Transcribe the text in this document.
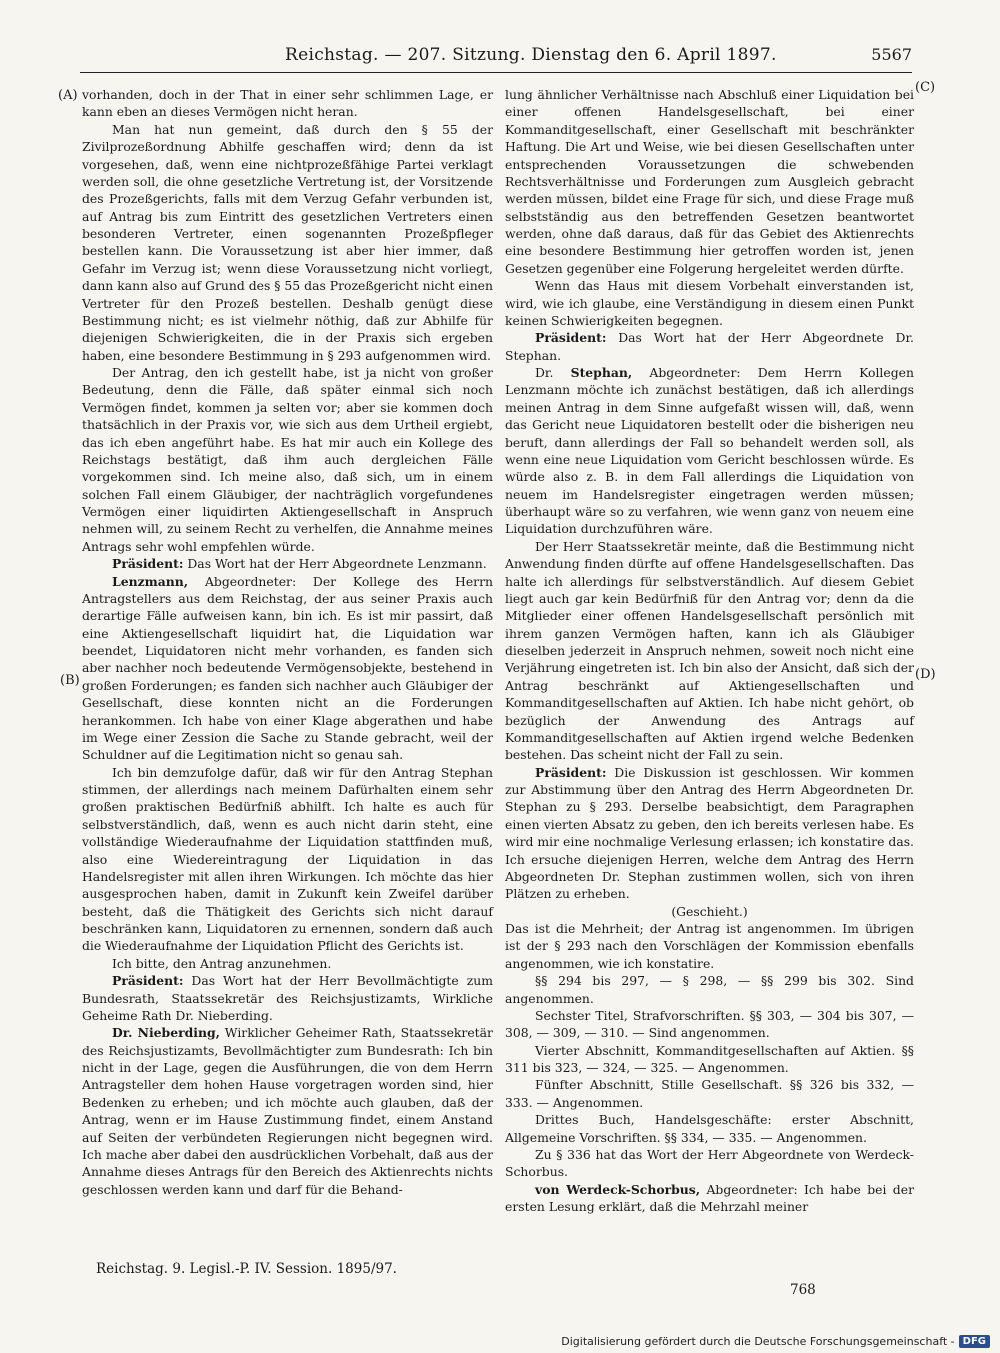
Reichstag. — 207. Sitzung. Dienstag den 6. April 1897.	5567
(A)
(B)
(C)
(D)

vorhanden, doch in der That in einer sehr schlimmen Lage, er kann eben an dieses Vermögen nicht heran.

Man hat nun gemeint, daß durch den § 55 der Zivilprozeßordnung Abhilfe geschaffen wird; denn da ist vorgesehen, daß, wenn eine nichtprozeßfähige Partei verklagt werden soll, die ohne gesetzliche Vertretung ist, der Vorsitzende des Prozeßgerichts, falls mit dem Verzug Gefahr verbunden ist, auf Antrag bis zum Eintritt des gesetzlichen Vertreters einen besonderen Vertreter, einen sogenannten Prozeßpfleger bestellen kann. Die Voraussetzung ist aber hier immer, daß Gefahr im Verzug ist; wenn diese Voraussetzung nicht vorliegt, dann kann also auf Grund des § 55 das Prozeßgericht nicht einen Vertreter für den Prozeß bestellen. Deshalb genügt diese Bestimmung nicht; es ist vielmehr nöthig, daß zur Abhilfe für diejenigen Schwierigkeiten, die in der Praxis sich ergeben haben, eine besondere Bestimmung in § 293 aufgenommen wird.

Der Antrag, den ich gestellt habe, ist ja nicht von großer Bedeutung, denn die Fälle, daß später einmal sich noch Vermögen findet, kommen ja selten vor; aber sie kommen doch thatsächlich in der Praxis vor, wie sich aus dem Urtheil ergiebt, das ich eben angeführt habe. Es hat mir auch ein Kollege des Reichstags bestätigt, daß ihm auch dergleichen Fälle vorgekommen sind. Ich meine also, daß sich, um in einem solchen Fall einem Gläubiger, der nachträglich vorgefundenes Vermögen einer liquidirten Aktiengesellschaft in Anspruch nehmen will, zu seinem Recht zu verhelfen, die Annahme meines Antrags sehr wohl empfehlen würde.

Präsident: Das Wort hat der Herr Abgeordnete Lenzmann.

Lenzmann, Abgeordneter: Der Kollege des Herrn Antragstellers aus dem Reichstag, der aus seiner Praxis auch derartige Fälle aufweisen kann, bin ich. Es ist mir passirt, daß eine Aktiengesellschaft liquidirt hat, die Liquidation war beendet, Liquidatoren nicht mehr vorhanden, es fanden sich aber nachher noch bedeutende Vermögensobjekte, bestehend in großen Forderungen; es fanden sich nachher auch Gläubiger der Gesellschaft, diese konnten nicht an die Forderungen herankommen. Ich habe von einer Klage abgerathen und habe im Wege einer Zession die Sache zu Stande gebracht, weil der Schuldner auf die Legitimation nicht so genau sah.

Ich bin demzufolge dafür, daß wir für den Antrag Stephan stimmen, der allerdings nach meinem Dafürhalten einem sehr großen praktischen Bedürfniß abhilft. Ich halte es auch für selbstverständlich, daß, wenn es auch nicht darin steht, eine vollständige Wiederaufnahme der Liquidation stattfinden muß, also eine Wiedereintragung der Liquidation in das Handelsregister mit allen ihren Wirkungen. Ich möchte das hier ausgesprochen haben, damit in Zukunft kein Zweifel darüber besteht, daß die Thätigkeit des Gerichts sich nicht darauf beschränken kann, Liquidatoren zu ernennen, sondern daß auch die Wiederaufnahme der Liquidation Pflicht des Gerichts ist.

Ich bitte, den Antrag anzunehmen.

Präsident: Das Wort hat der Herr Bevollmächtigte zum Bundesrath, Staatssekretär des Reichsjustizamts, Wirkliche Geheime Rath Dr. Nieberding.

Dr. Nieberding, Wirklicher Geheimer Rath, Staatssekretär des Reichsjustizamts, Bevollmächtigter zum Bundesrath: Ich bin nicht in der Lage, gegen die Ausführungen, die von dem Herrn Antragsteller dem hohen Hause vorgetragen worden sind, hier Bedenken zu erheben; und ich möchte auch glauben, daß der Antrag, wenn er im Hause Zustimmung findet, einem Anstand auf Seiten der verbündeten Regierungen nicht begegnen wird. Ich mache aber dabei den ausdrücklichen Vorbehalt, daß aus der Annahme dieses Antrags für den Bereich des Aktienrechts nichts geschlossen werden kann und darf für die Behand-

lung ähnlicher Verhältnisse nach Abschluß einer Liquidation bei einer offenen Handelsgesellschaft, bei einer Kommanditgesellschaft, einer Gesellschaft mit beschränkter Haftung. Die Art und Weise, wie bei diesen Gesellschaften unter entsprechenden Voraussetzungen die schwebenden Rechtsverhältnisse und Forderungen zum Ausgleich gebracht werden müssen, bildet eine Frage für sich, und diese Frage muß selbstständig aus den betreffenden Gesetzen beantwortet werden, ohne daß daraus, daß für das Gebiet des Aktienrechts eine besondere Bestimmung hier getroffen worden ist, jenen Gesetzen gegenüber eine Folgerung hergeleitet werden dürfte.

Wenn das Haus mit diesem Vorbehalt einverstanden ist, wird, wie ich glaube, eine Verständigung in diesem einen Punkt keinen Schwierigkeiten begegnen.

Präsident: Das Wort hat der Herr Abgeordnete Dr. Stephan.

Dr. Stephan, Abgeordneter: Dem Herrn Kollegen Lenzmann möchte ich zunächst bestätigen, daß ich allerdings meinen Antrag in dem Sinne aufgefaßt wissen will, daß, wenn das Gericht neue Liquidatoren bestellt oder die bisherigen neu beruft, dann allerdings der Fall so behandelt werden soll, als wenn eine neue Liquidation vom Gericht beschlossen würde. Es würde also z. B. in dem Fall allerdings die Liquidation von neuem im Handelsregister eingetragen werden müssen; überhaupt wäre so zu verfahren, wie wenn ganz von neuem eine Liquidation durchzuführen wäre.

Der Herr Staatssekretär meinte, daß die Bestimmung nicht Anwendung finden dürfte auf offene Handelsgesellschaften. Das halte ich allerdings für selbstverständlich. Auf diesem Gebiet liegt auch gar kein Bedürfniß für den Antrag vor; denn da die Mitglieder einer offenen Handelsgesellschaft persönlich mit ihrem ganzen Vermögen haften, kann ich als Gläubiger dieselben jederzeit in Anspruch nehmen, soweit noch nicht eine Verjährung eingetreten ist. Ich bin also der Ansicht, daß sich der Antrag beschränkt auf Aktiengesellschaften und Kommanditgesellschaften auf Aktien. Ich habe nicht gehört, ob bezüglich der Anwendung des Antrags auf Kommanditgesellschaften auf Aktien irgend welche Bedenken bestehen. Das scheint nicht der Fall zu sein.

Präsident: Die Diskussion ist geschlossen. Wir kommen zur Abstimmung über den Antrag des Herrn Abgeordneten Dr. Stephan zu § 293. Derselbe beabsichtigt, dem Paragraphen einen vierten Absatz zu geben, den ich bereits verlesen habe. Es wird mir eine nochmalige Verlesung erlassen; ich konstatire das. Ich ersuche diejenigen Herren, welche dem Antrag des Herrn Abgeordneten Dr. Stephan zustimmen wollen, sich von ihren Plätzen zu erheben.

(Geschieht.)

Das ist die Mehrheit; der Antrag ist angenommen. Im übrigen ist der § 293 nach den Vorschlägen der Kommission ebenfalls angenommen, wie ich konstatire.

§§ 294 bis 297, — § 298, — §§ 299 bis 302. Sind angenommen.

Sechster Titel, Strafvorschriften. §§ 303, — 304 bis 307, — 308, — 309, — 310. — Sind angenommen.

Vierter Abschnitt, Kommanditgesellschaften auf Aktien. §§ 311 bis 323, — 324, — 325. — Angenommen.

Fünfter Abschnitt, Stille Gesellschaft. §§ 326 bis 332, — 333. — Angenommen.

Drittes Buch, Handelsgeschäfte: erster Abschnitt, Allgemeine Vorschriften. §§ 334, — 335. — Angenommen.

Zu § 336 hat das Wort der Herr Abgeordnete von Werdeck-Schorbus.

von Werdeck-Schorbus, Abgeordneter: Ich habe bei der ersten Lesung erklärt, daß die Mehrzahl meiner

Reichstag. 9. Legisl.-P. IV. Session. 1895/97.
768
Digitalisierung gefördert durch die Deutsche Forschungsgemeinschaft - DFG
